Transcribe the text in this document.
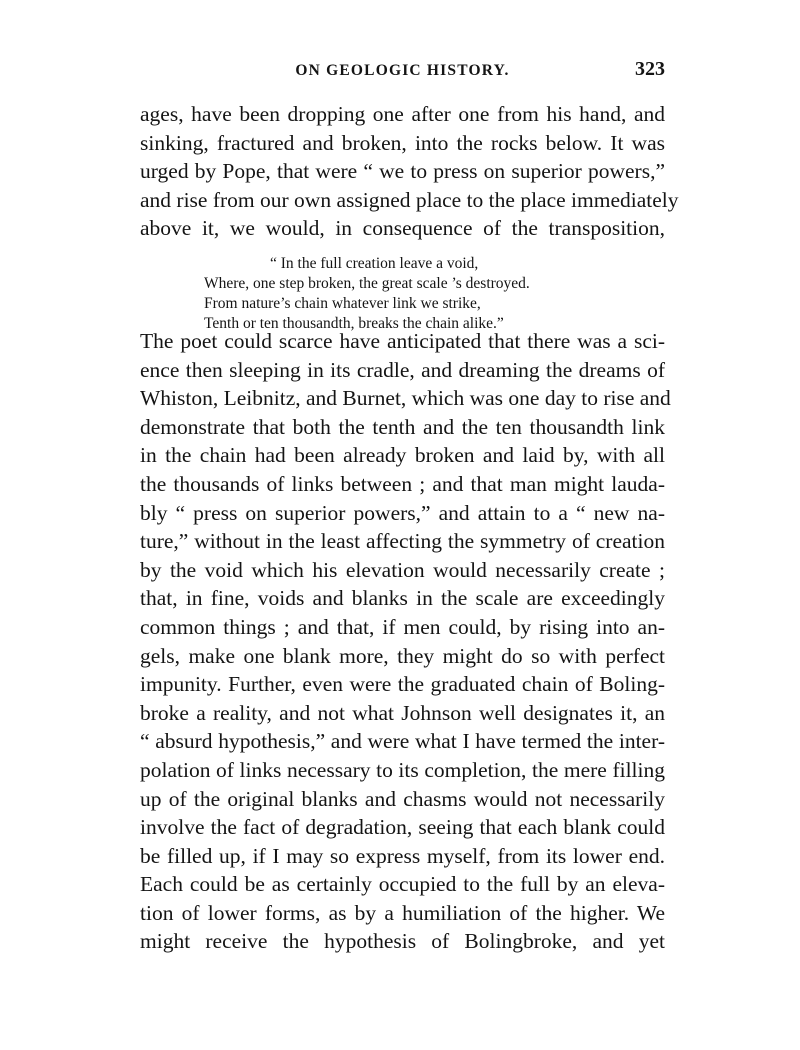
ON GEOLOGIC HISTORY.	323
ages, have been dropping one after one from his hand, and
sinking, fractured and broken, into the rocks below. It was
urged by Pope, that were “ we to press on superior powers,”
and rise from our own assigned place to the place immediately
above it, we would, in consequence of the transposition,
“ In the full creation leave a void,
Where, one step broken, the great scale ’s destroyed.
From nature’s chain whatever link we strike,
Tenth or ten thousandth, breaks the chain alike.”
The poet could scarce have anticipated that there was a sci-
ence then sleeping in its cradle, and dreaming the dreams of
Whiston, Leibnitz, and Burnet, which was one day to rise and
demonstrate that both the tenth and the ten thousandth link
in the chain had been already broken and laid by, with all
the thousands of links between ; and that man might lauda-
bly “ press on superior powers,” and attain to a “ new na-
ture,” without in the least affecting the symmetry of creation
by the void which his elevation would necessarily create ;
that, in fine, voids and blanks in the scale are exceedingly
common things ; and that, if men could, by rising into an-
gels, make one blank more, they might do so with perfect
impunity. Further, even were the graduated chain of Boling-
broke a reality, and not what Johnson well designates it, an
“ absurd hypothesis,” and were what I have termed the inter-
polation of links necessary to its completion, the mere filling
up of the original blanks and chasms would not necessarily
involve the fact of degradation, seeing that each blank could
be filled up, if I may so express myself, from its lower end.
Each could be as certainly occupied to the full by an eleva-
tion of lower forms, as by a humiliation of the higher. We
might receive the hypothesis of Bolingbroke, and yet
